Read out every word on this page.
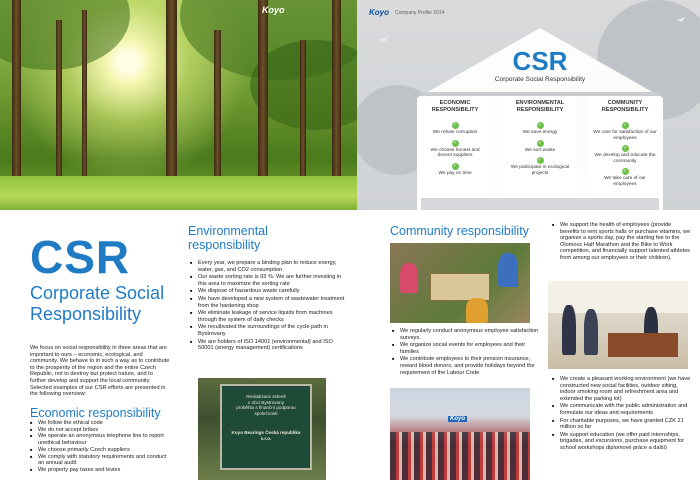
Koyo	Koyo Company Profile 2014
CSR
Corporate Social Responsibility
ECONOMIC
RESPONSIBILITY
✓

We refuse corruption

✓

We choose honest and decent suppliers

✓

We pay on time

ENVIRONMENTAL
RESPONSIBILITY
✓

We save energy

✓

We sort waste

✓

We participate in ecological projects

COMMUNITY
RESPONSIBILITY
✓

We care for satisfaction of our employees

✓

We develop and educate the community

✓

We take care of our employees

CSR
Corporate Social Responsibility
We focus on social responsibility in three areas that are important to ours – economic, ecological, and community. We behave to in such a way as to contribute to the prosperity of the region and the entire Czech Republic, not to destroy but protect nature, and to further develop and support the local community. Selected examples of our CSR efforts are presented in the following overview:
Economic responsibility
■ We follow the ethical code
■ We do not accept bribes
■ We operate an anonymous telephone line to report unethical behaviour
■ We choose primarily Czech suppliers
■ We comply with statutory requirements and conduct an annual audit
■ We properly pay taxes and levies
Environmental responsibility
■ Every year, we prepare a binding plan to reduce energy, water, gas, and CO2 consumption
■ Our waste sorting rate is 93 %. We are further investing in this area to maximize the sorting rate
■ We dispose of hazardous waste carefully
■ We have developed a new system of wastewater treatment from the hardening shop
■ We eliminate leakage of service liquids from machines through the system of daily checks
■ We recultivated the surroundings of the cycle path in Bystrovany
■ We are holders of ISO 14001 (environmental) and ISO 50001 (energy management) certifications
Revitalizace zeleně
v obci Bystrovany
proběhla s finanční podporou
společnosti
Koyo Bearings Česká republika s.r.o.
Community responsibility
■ We regularly conduct anonymous employee satisfaction surveys.
■ We organize social events for employees and their families
■ We contribute employees to their pension insurance, reward blood donors, and provide holidays beyond the requirement of the Labour Code
Koyo
■ We support the health of employees (provide benefits to rent sports halls or purchase vitamins, we organize a sports day, pay the starting fee to the Olomouc Half Marathon and the Bike to Work competition, and financially support talented athletes from among our employees or their children).
■ We create a pleasant working environment (we have constructed new social facilities, outdoor sitting, indoor smoking room and refreshment area and extended the parking lot)
■ We communicate with the public administration and formulate our ideas and requirements
■ For charitable purposes, we have granted CZK 21 million so far
■ We support education (we offer paid internships, brigades, and excursions, purchase equipment for school workshops diplomové práce a další)
